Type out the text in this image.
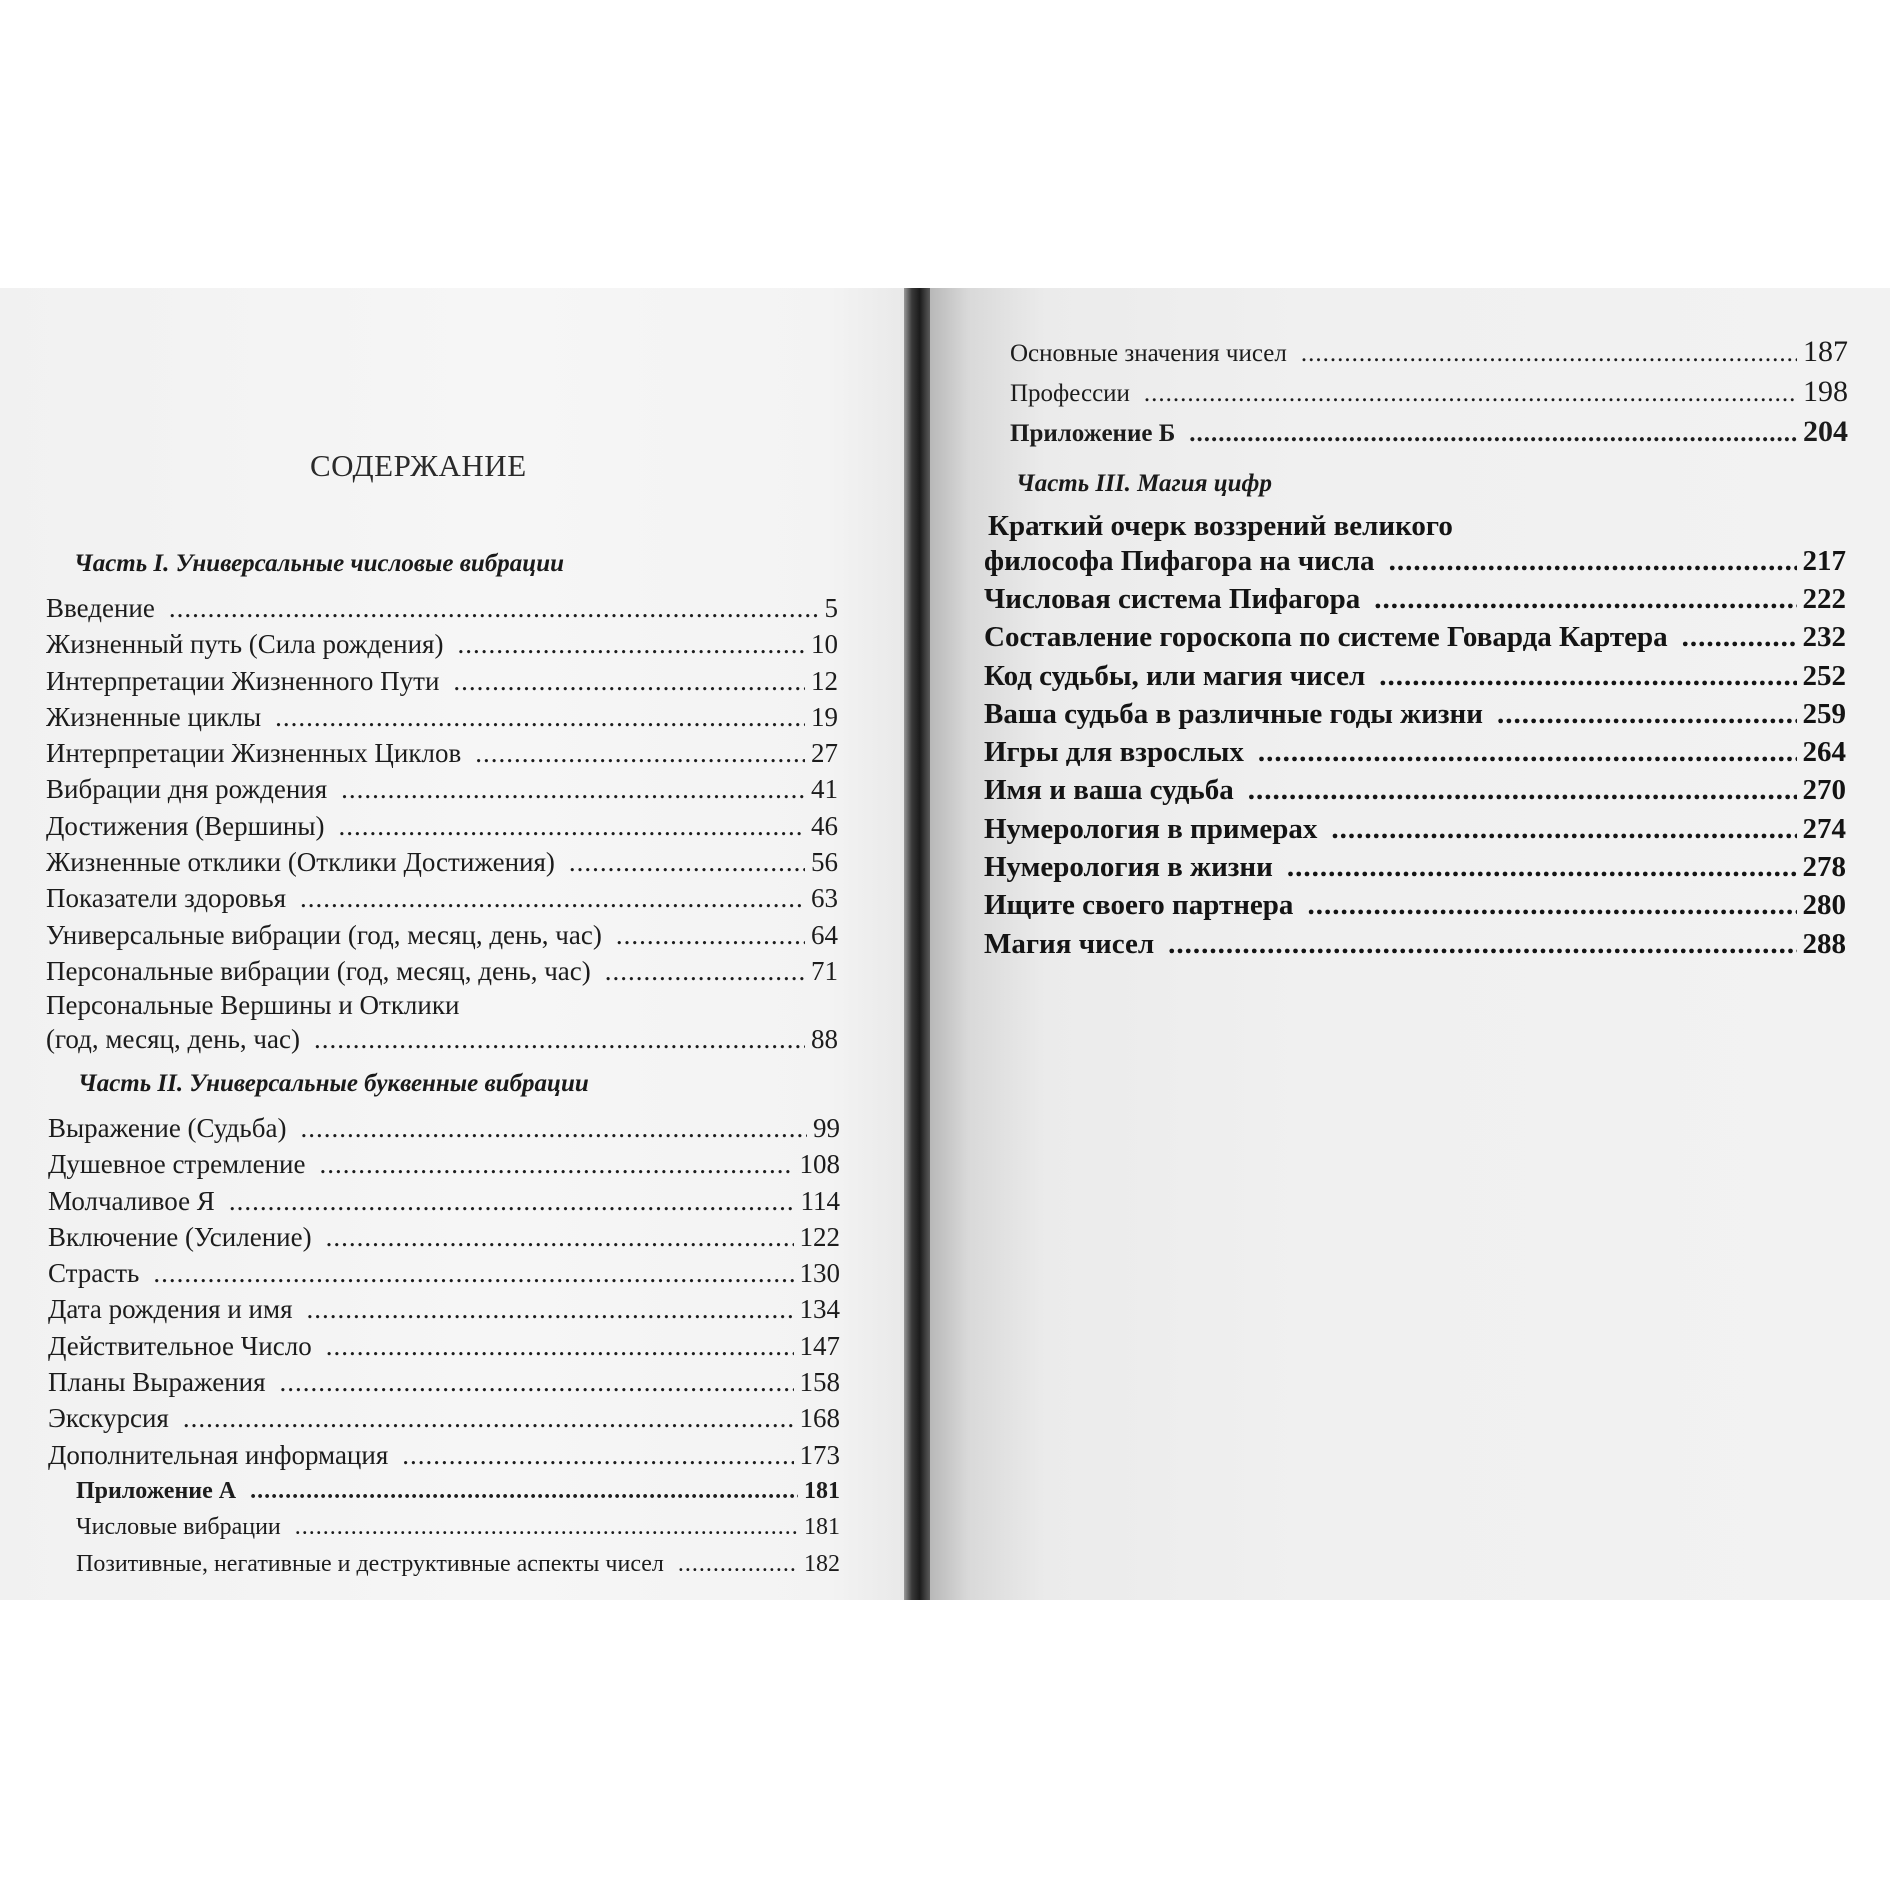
СОДЕРЖАНИЕ
Часть I. Универсальные числовые вибрации
Введение .....	5
Жизненный путь (Сила рождения) .....	10
Интерпретации Жизненного Пути .....	12
Жизненные циклы .....	19
Интерпретации Жизненных Циклов .....	27
Вибрации дня рождения .....	41
Достижения (Вершины) .....	46
Жизненные отклики (Отклики Достижения) .....	56
Показатели здоровья .....	63
Универсальные вибрации (год, месяц, день, час) .....	64
Персональные вибрации (год, месяц, день, час) .....	71
Персональные Вершины и Отклики
(год, месяц, день, час) .....	88
Часть II. Универсальные буквенные вибрации
Выражение (Судьба) .....	99
Душевное стремление .....	108
Молчаливое Я .....	114
Включение (Усиление) .....	122
Страсть .....	130
Дата рождения и имя .....	134
Действительное Число .....	147
Планы Выражения .....	158
Экскурсия .....	168
Дополнительная информация .....	173
Приложение А .....	181
Числовые вибрации .....	181
Позитивные, негативные и деструктивные аспекты чисел .....	182
Основные значения чисел .....	187
Профессии .....	198
Приложение Б .....	204
Часть III. Магия цифр
Краткий очерк воззрений великого
философа Пифагора на числа .....	217
Числовая система Пифагора .....	222
Составление гороскопа по системе Говарда Картера .....	232
Код судьбы, или магия чисел .....	252
Ваша судьба в различные годы жизни .....	259
Игры для взрослых .....	264
Имя и ваша судьба .....	270
Нумерология в примерах .....	274
Нумерология в жизни .....	278
Ищите своего партнера .....	280
Магия чисел .....	288
